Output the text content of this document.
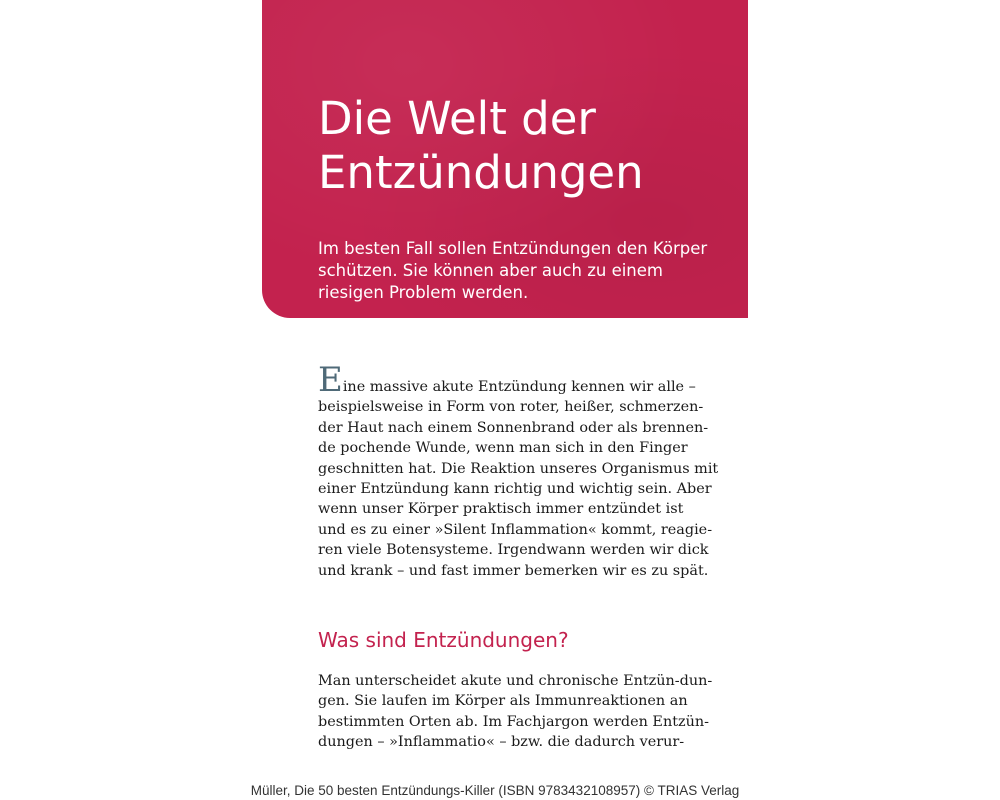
Die Welt der
Entzündungen

Im besten Fall sollen Entzündungen den Körper
schützen. Sie können aber auch zu einem
riesigen Problem werden.

Eine massive akute Entzündung kennen wir alle –
beispielsweise in Form von roter, heißer, schmerzen-
der Haut nach einem Sonnenbrand oder als brennen-
de pochende Wunde, wenn man sich in den Finger
geschnitten hat. Die Reaktion unseres Organismus mit
einer Entzündung kann richtig und wichtig sein. Aber
wenn unser Körper praktisch immer entzündet ist
und es zu einer »Silent Inflammation« kommt, reagie-
ren viele Botensysteme. Irgendwann werden wir dick
und krank – und fast immer bemerken wir es zu spät.
Was sind Entzündungen?
Man unterscheidet akute und chronische Entzün-dun-
gen. Sie laufen im Körper als Immunreaktionen an
bestimmten Orten ab. Im Fachjargon werden Entzün-
dungen – »Inflammatio« – bzw. die dadurch verur-
Müller, Die 50 besten Entzündungs-Killer (ISBN 9783432108957) © TRIAS Verlag
